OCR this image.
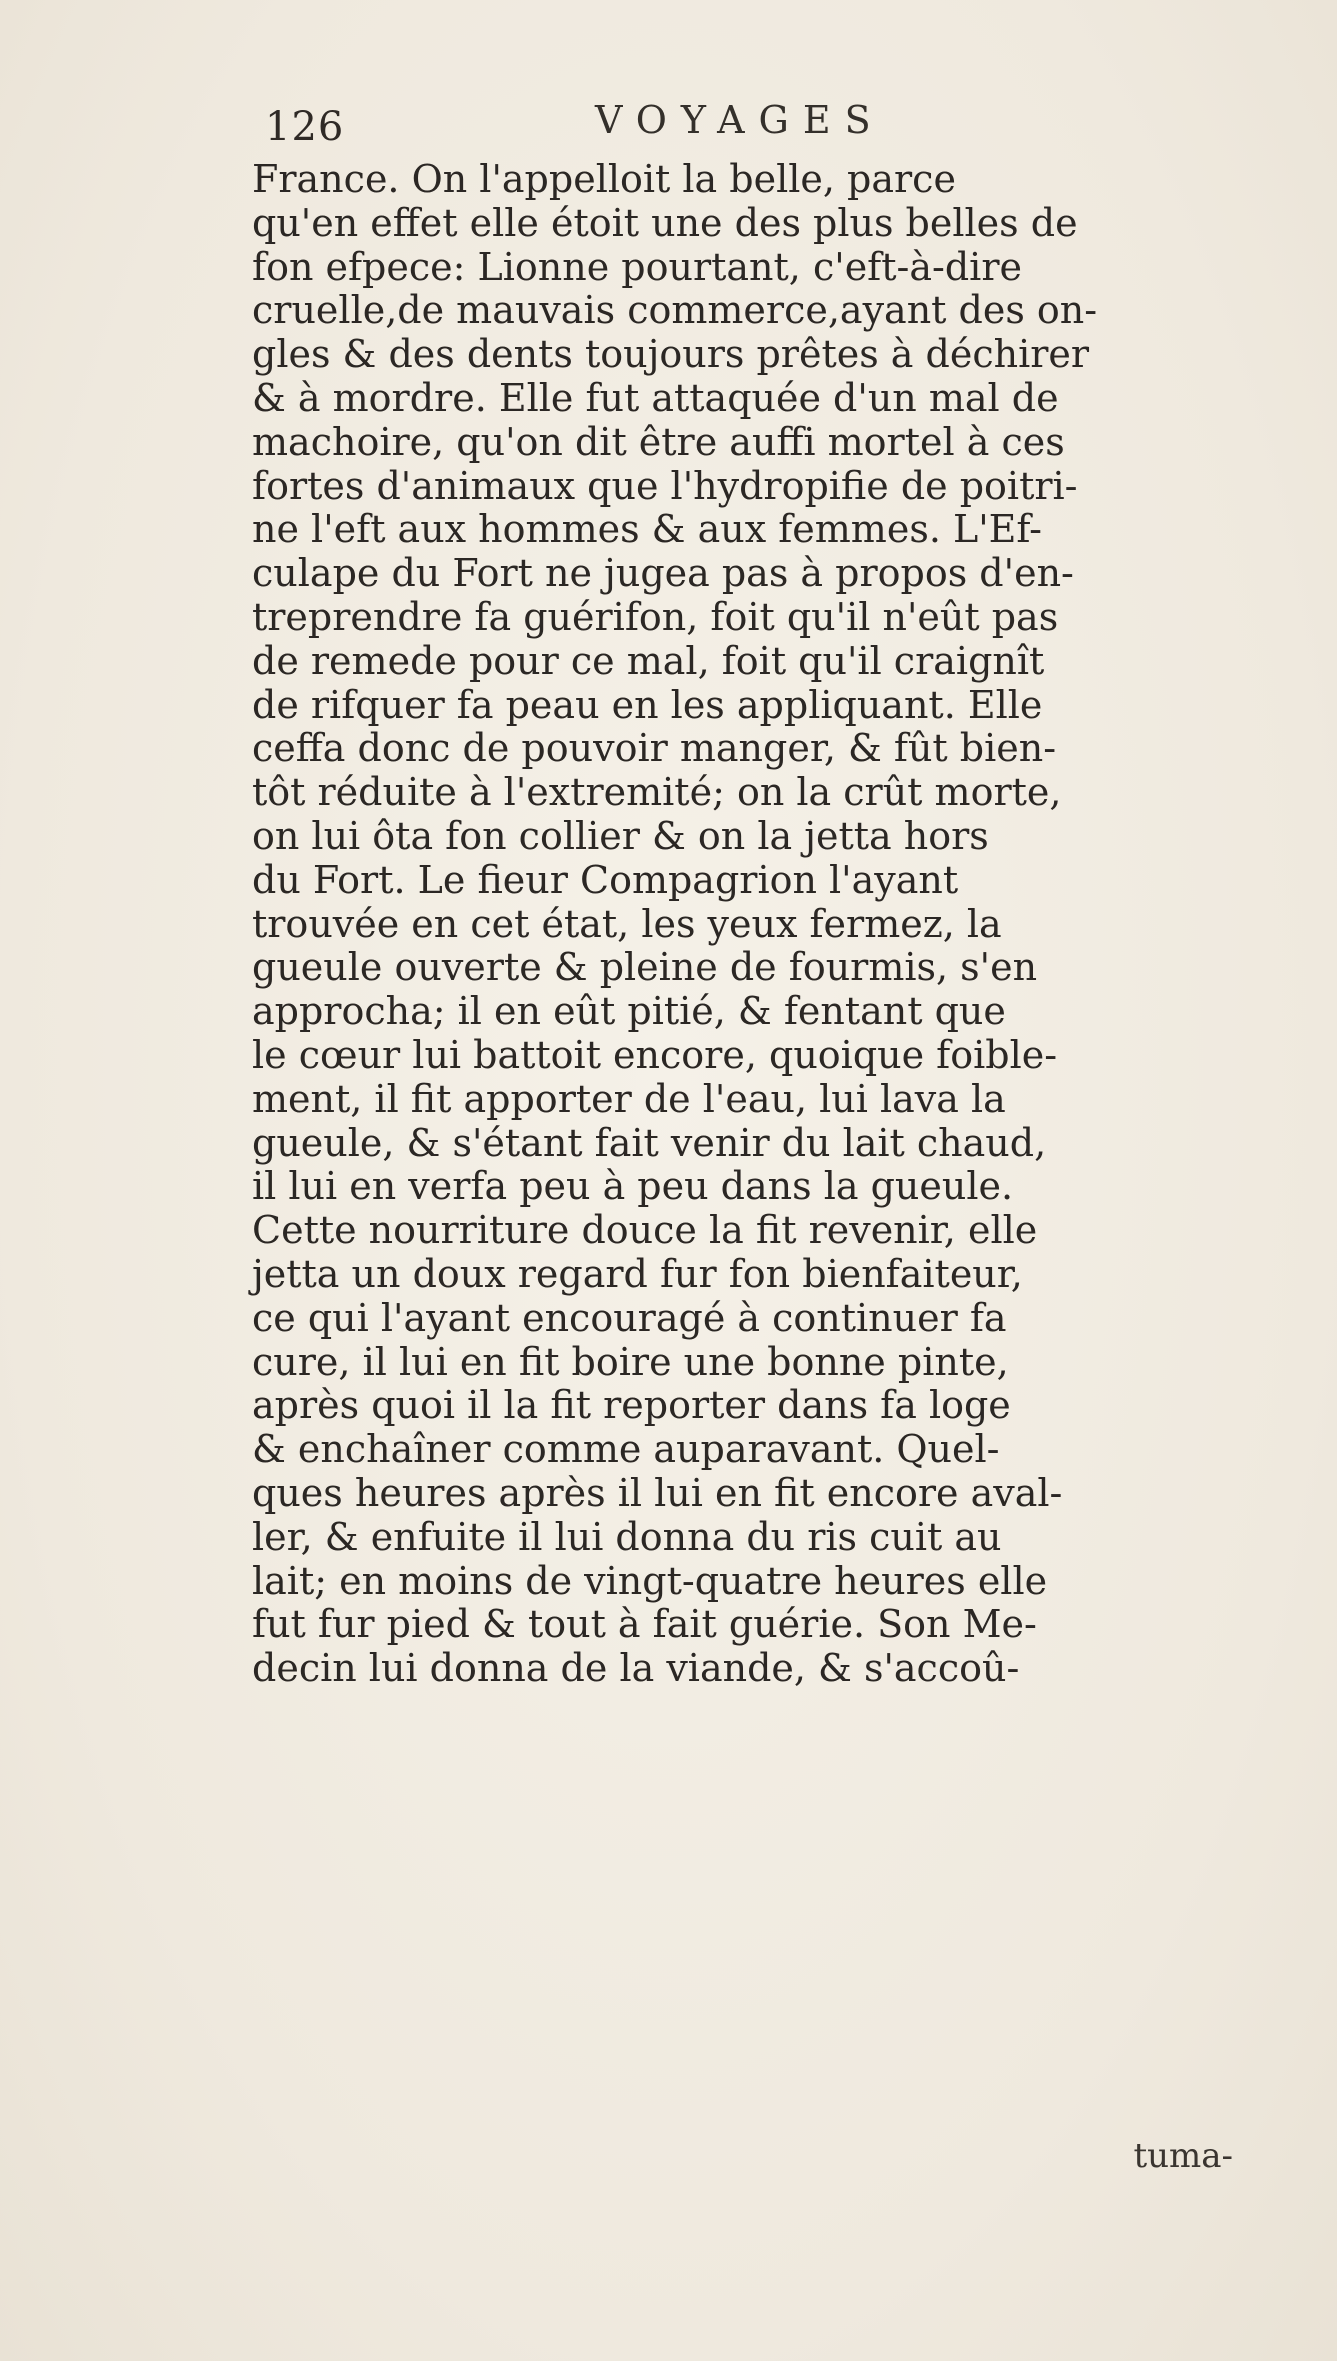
126	VOYAGES
France. On l'appelloit la belle, parce
qu'en effet elle étoit une des plus belles de
fon efpece: Lionne pourtant, c'eft-à-dire
cruelle,de mauvais commerce,ayant des on-
gles & des dents toujours prêtes à déchirer
& à mordre. Elle fut attaquée d'un mal de
machoire, qu'on dit être auffi mortel à ces
fortes d'animaux que l'hydropifie de poitri-
ne l'eft aux hommes & aux femmes. L'Ef-
culape du Fort ne jugea pas à propos d'en-
treprendre fa guérifon, foit qu'il n'eût pas
de remede pour ce mal, foit qu'il craignît
de rifquer fa peau en les appliquant. Elle
ceffa donc de pouvoir manger, & fût bien-
tôt réduite à l'extremité; on la crût morte,
on lui ôta fon collier & on la jetta hors
du Fort. Le fieur Compagrion l'ayant
trouvée en cet état, les yeux fermez, la
gueule ouverte & pleine de fourmis, s'en
approcha; il en eût pitié, & fentant que
le cœur lui battoit encore, quoique foible-
ment, il fit apporter de l'eau, lui lava la
gueule, & s'étant fait venir du lait chaud,
il lui en verfa peu à peu dans la gueule.
Cette nourriture douce la fit revenir, elle
jetta un doux regard fur fon bienfaiteur,
ce qui l'ayant encouragé à continuer fa
cure, il lui en fit boire une bonne pinte,
après quoi il la fit reporter dans fa loge
& enchaîner comme auparavant. Quel-
ques heures après il lui en fit encore aval-
ler, & enfuite il lui donna du ris cuit au
lait; en moins de vingt-quatre heures elle
fut fur pied & tout à fait guérie. Son Me-
decin lui donna de la viande, & s'accoû-
tuma-
